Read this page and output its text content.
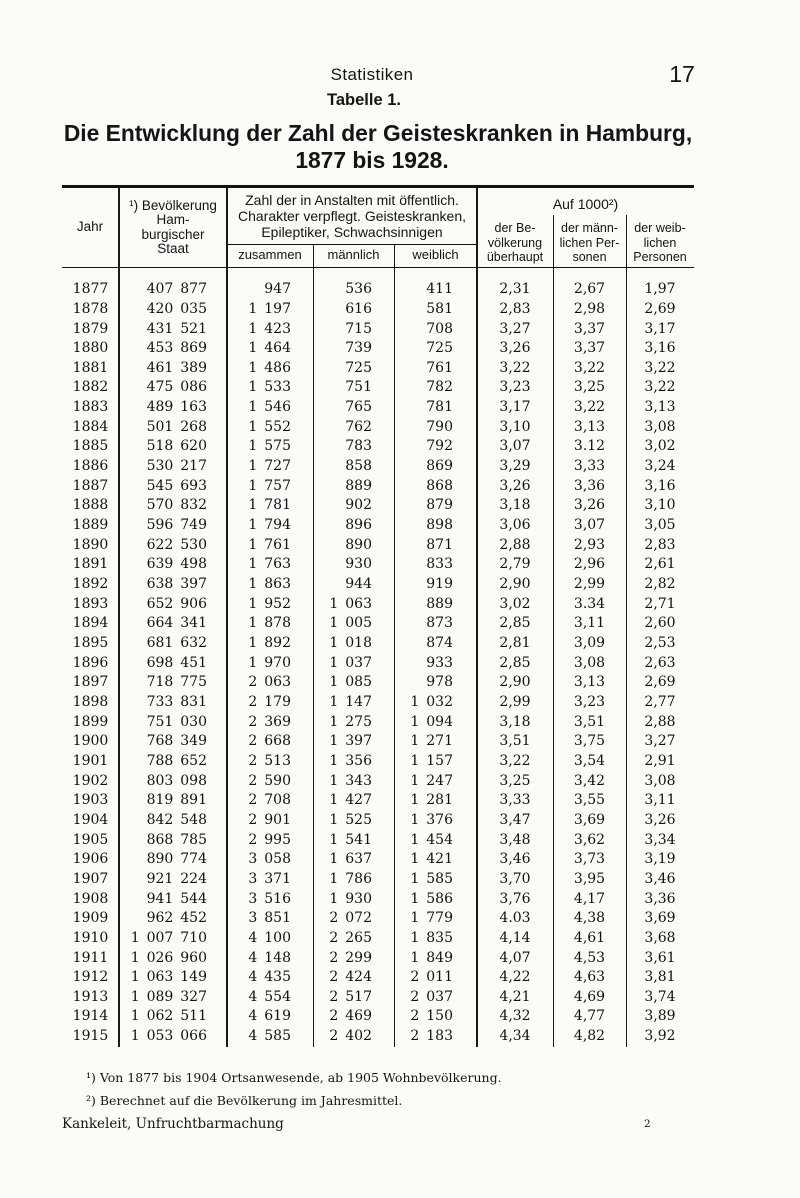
Statistiken	17
Tabelle 1.
Die Entwicklung der Zahl der Geisteskranken in Hamburg,
1877 bis 1928.
Jahr
¹) Bevölkerung
Ham-
burgischer
Staat
Zahl der in Anstalten mit öffentlich.
Charakter verpflegt. Geisteskranken,
Epileptiker, Schwachsinnigen
zusammen männlich	weiblich
Auf 1000²)
der Be-
völkerung
überhaupt
der männ-
lichen Per-
sonen
der weib-
lichen
Personen
1877	407 877	947	536	411	2,31	2,67	1,97
1878	420 035	1 197	616	581	2,83	2,98	2,69
1879	431 521	1 423	715	708	3,27	3,37	3,17
1880	453 869	1 464	739	725	3,26	3,37	3,16
1881	461 389	1 486	725	761	3,22	3,22	3,22
1882	475 086	1 533	751	782	3,23	3,25	3,22
1883	489 163	1 546	765	781	3,17	3,22	3,13
1884	501 268	1 552	762	790	3,10	3,13	3,08
1885	518 620	1 575	783	792	3,07	3.12	3,02
1886	530 217	1 727	858	869	3,29	3,33	3,24
1887	545 693	1 757	889	868	3,26	3,36	3,16
1888	570 832	1 781	902	879	3,18	3,26	3,10
1889	596 749	1 794	896	898	3,06	3,07	3,05
1890	622 530	1 761	890	871	2,88	2,93	2,83
1891	639 498	1 763	930	833	2,79	2,96	2,61
1892	638 397	1 863	944	919	2,90	2,99	2,82
1893	652 906	1 952	1 063	889	3,02	3.34	2,71
1894	664 341	1 878	1 005	873	2,85	3,11	2,60
1895	681 632	1 892	1 018	874	2,81	3,09	2,53
1896	698 451	1 970	1 037	933	2,85	3,08	2,63
1897	718 775	2 063	1 085	978	2,90	3,13	2,69
1898	733 831	2 179	1 147	1 032	2,99	3,23	2,77
1899	751 030	2 369	1 275	1 094	3,18	3,51	2,88
1900	768 349	2 668	1 397	1 271	3,51	3,75	3,27
1901	788 652	2 513	1 356	1 157	3,22	3,54	2,91
1902	803 098	2 590	1 343	1 247	3,25	3,42	3,08
1903	819 891	2 708	1 427	1 281	3,33	3,55	3,11
1904	842 548	2 901	1 525	1 376	3,47	3,69	3,26
1905	868 785	2 995	1 541	1 454	3,48	3,62	3,34
1906	890 774	3 058	1 637	1 421	3,46	3,73	3,19
1907	921 224	3 371	1 786	1 585	3,70	3,95	3,46
1908	941 544	3 516	1 930	1 586	3,76	4,17	3,36
1909	962 452	3 851	2 072	1 779	4.03	4,38	3,69
1910	1 007 710	4 100	2 265	1 835	4,14	4,61	3,68
1911	1 026 960	4 148	2 299	1 849	4,07	4,53	3,61
1912	1 063 149	4 435	2 424	2 011	4,22	4,63	3,81
1913	1 089 327	4 554	2 517	2 037	4,21	4,69	3,74
1914	1 062 511	4 619	2 469	2 150	4,32	4,77	3,89
1915	1 053 066	4 585	2 402	2 183	4,34	4,82	3,92
¹) Von 1877 bis 1904 Ortsanwesende, ab 1905 Wohnbevölkerung.
²) Berechnet auf die Bevölkerung im Jahresmittel.
Kankeleit, Unfruchtbarmachung	2
